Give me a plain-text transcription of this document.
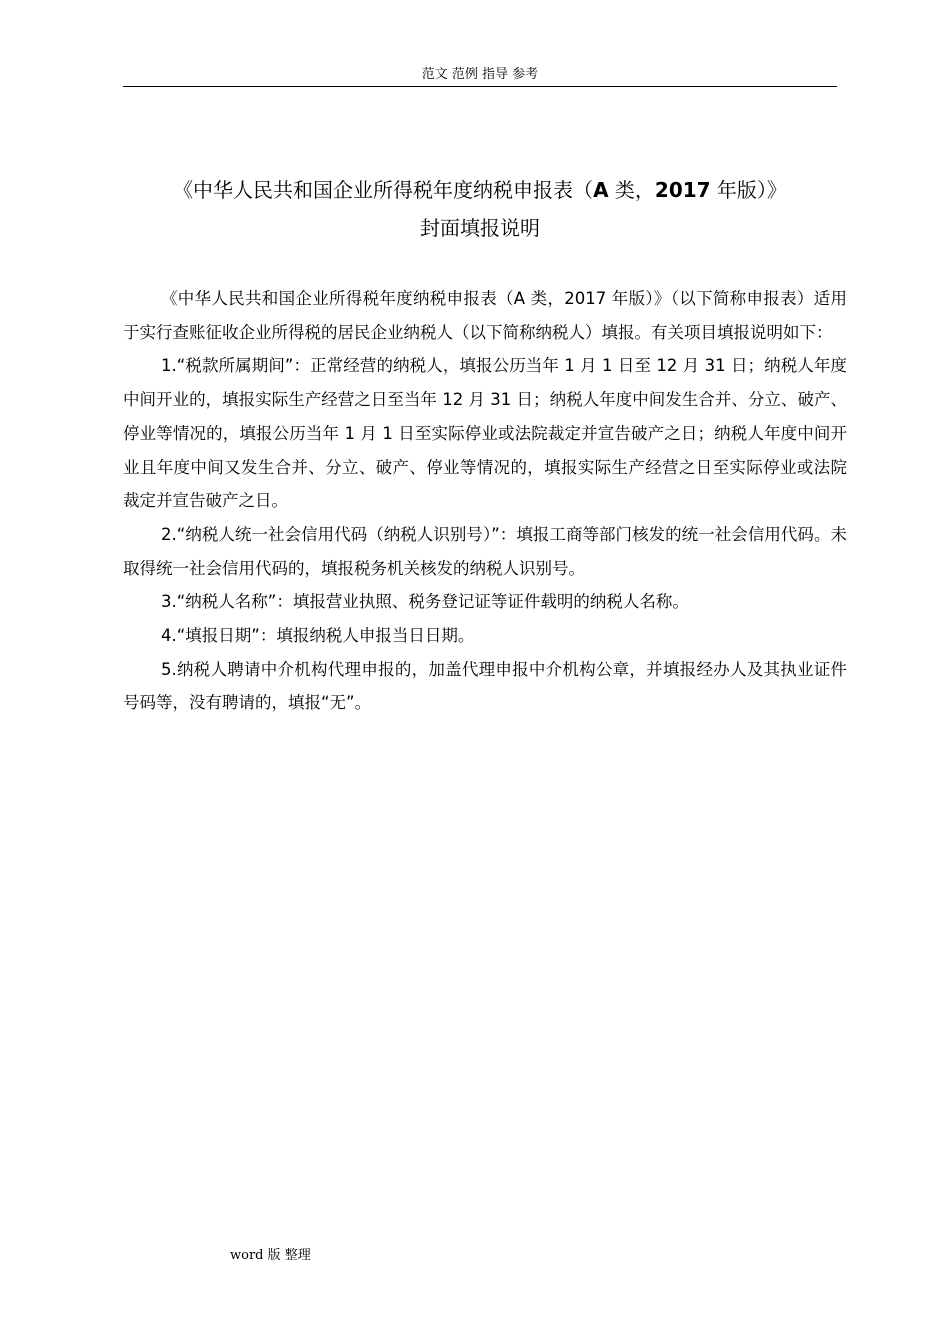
范文 范例 指导 参考
《中华人民共和国企业所得税年度纳税申报表（A 类，2017 年版）》
封面填报说明

《中华人民共和国企业所得税年度纳税申报表（A 类，2017 年版）》（以下简称申报表）适用于实行查账征收企业所得税的居民企业纳税人（以下简称纳税人）填报。有关项目填报说明如下：

1.“税款所属期间”：正常经营的纳税人，填报公历当年 1 月 1 日至 12 月 31 日；纳税人年度中间开业的，填报实际生产经营之日至当年 12 月 31 日；纳税人年度中间发生合并、分立、破产、停业等情况的，填报公历当年 1 月 1 日至实际停业或法院裁定并宣告破产之日；纳税人年度中间开业且年度中间又发生合并、分立、破产、停业等情况的，填报实际生产经营之日至实际停业或法院裁定并宣告破产之日。

2.“纳税人统一社会信用代码（纳税人识别号）”：填报工商等部门核发的统一社会信用代码。未取得统一社会信用代码的，填报税务机关核发的纳税人识别号。

3.“纳税人名称”：填报营业执照、税务登记证等证件载明的纳税人名称。

4.“填报日期”：填报纳税人申报当日日期。

5.纳税人聘请中介机构代理申报的，加盖代理申报中介机构公章，并填报经办人及其执业证件号码等，没有聘请的，填报“无”。

word 版 整理
